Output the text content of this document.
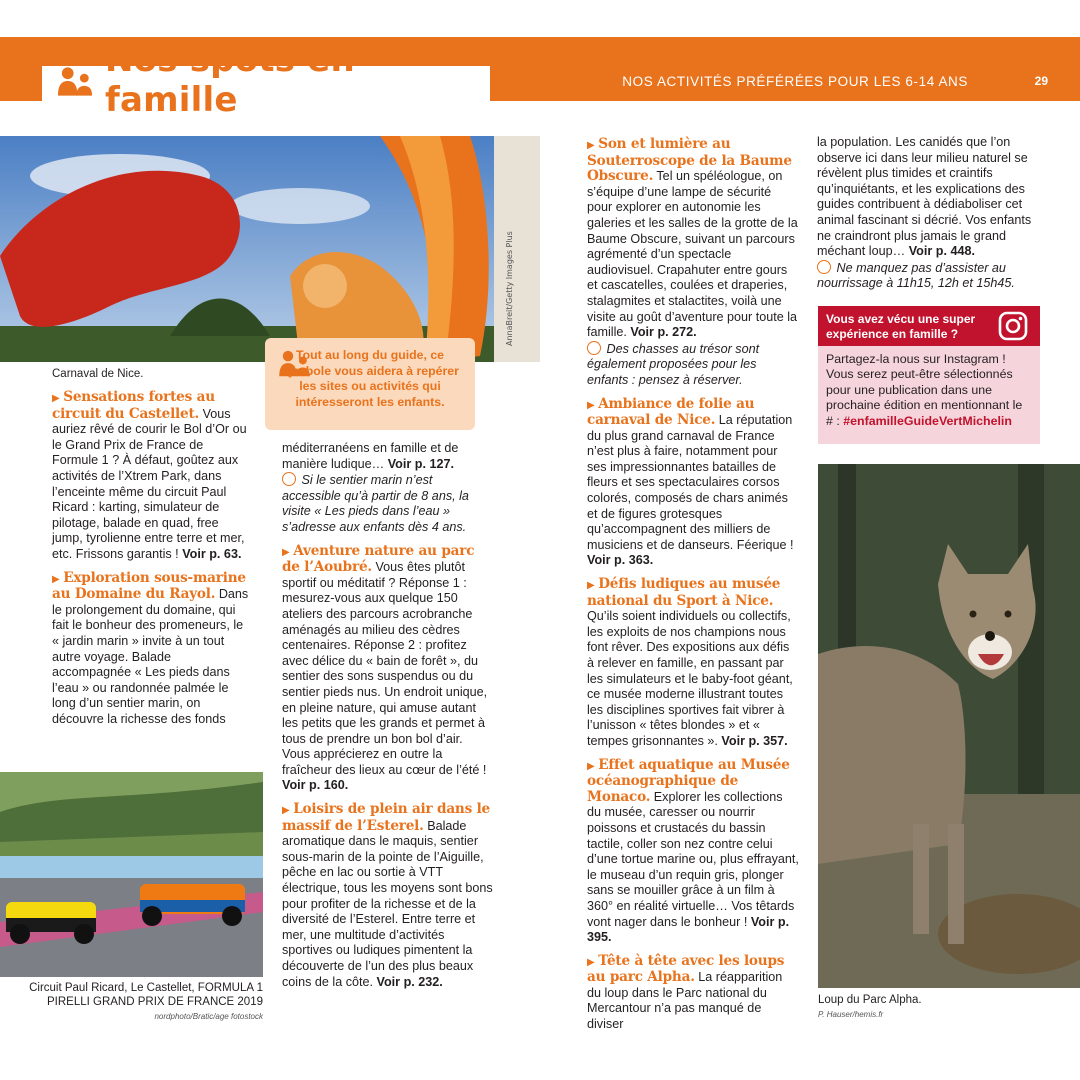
Nos spots en famille	NOS ACTIVITÉS PRÉFÉRÉES POUR LES 6-14 ANS	29
AnnaBreit/Getty Images Plus
Carnaval de Nice.
Tout au long du guide, ce symbole vous aidera à repérer les sites ou activités qui intéresseront les enfants.

▶ Sensations fortes au circuit du Castellet. Vous auriez rêvé de courir le Bol d’Or ou le Grand Prix de France de Formule 1 ? À défaut, goûtez aux activités de l’Xtrem Park, dans l’enceinte même du circuit Paul Ricard : karting, simulateur de pilotage, balade en quad, free jump, tyrolienne entre terre et mer, etc. Frissons garantis ! Voir p. 63.

▶ Exploration sous-marine au Domaine du Rayol. Dans le prolongement du domaine, qui fait le bonheur des promeneurs, le « jardin marin » invite à un tout autre voyage. Balade accompagnée « Les pieds dans l’eau » ou randonnée palmée le long d’un sentier marin, on découvre la richesse des fonds

Circuit Paul Ricard, Le Castellet, FORMULA 1 PIRELLI GRAND PRIX DE FRANCE 2019
nordphoto/Bratic/age fotostock

méditerranéens en famille et de manière ludique… Voir p. 127.
Si le sentier marin n’est accessible qu’à partir de 8 ans, la visite « Les pieds dans l’eau » s’adresse aux enfants dès 4 ans.

▶ Aventure nature au parc de l’Aoubré. Vous êtes plutôt sportif ou méditatif ? Réponse 1 : mesurez-vous aux quelque 150 ateliers des parcours acrobranche aménagés au milieu des cèdres centenaires. Réponse 2 : profitez avec délice du « bain de forêt », du sentier des sons suspendus ou du sentier pieds nus. Un endroit unique, en pleine nature, qui amuse autant les petits que les grands et permet à tous de prendre un bon bol d’air. Vous apprécierez en outre la fraîcheur des lieux au cœur de l’été ! Voir p. 160.

▶ Loisirs de plein air dans le massif de l’Esterel. Balade aromatique dans le maquis, sentier sous-marin de la pointe de l’Aiguille, pêche en lac ou sortie à VTT électrique, tous les moyens sont bons pour profiter de la richesse et de la diversité de l’Esterel. Entre terre et mer, une multitude d’activités sportives ou ludiques pimentent la découverte de l’un des plus beaux coins de la côte. Voir p. 232.

▶ Son et lumière au Souterroscope de la Baume Obscure. Tel un spéléologue, on s’équipe d’une lampe de sécurité pour explorer en autonomie les galeries et les salles de la grotte de la Baume Obscure, suivant un parcours agrémenté d’un spectacle audiovisuel. Crapahuter entre gours et cascatelles, coulées et draperies, stalagmites et stalactites, voilà une visite au goût d’aventure pour toute la famille. Voir p. 272.
Des chasses au trésor sont également proposées pour les enfants : pensez à réserver.

▶ Ambiance de folie au carnaval de Nice. La réputation du plus grand carnaval de France n’est plus à faire, notamment pour ses impressionnantes batailles de fleurs et ses spectaculaires corsos colorés, composés de chars animés et de figures grotesques qu’accompagnent des milliers de musiciens et de danseurs. Féerique ! Voir p. 363.

▶ Défis ludiques au musée national du Sport à Nice. Qu’ils soient individuels ou collectifs, les exploits de nos champions nous font rêver. Des expositions aux défis à relever en famille, en passant par les simulateurs et le baby-foot géant, ce musée moderne illustrant toutes les disciplines sportives fait vibrer à l’unisson « têtes blondes » et « tempes grisonnantes ». Voir p. 357.

▶ Effet aquatique au Musée océanographique de Monaco. Explorer les collections du musée, caresser ou nourrir poissons et crustacés du bassin tactile, coller son nez contre celui d’une tortue marine ou, plus effrayant, le museau d’un requin gris, plonger sans se mouiller grâce à un film à 360° en réalité virtuelle… Vos têtards vont nager dans le bonheur ! Voir p. 395.

▶ Tête à tête avec les loups au parc Alpha. La réapparition du loup dans le Parc national du Mercantour n’a pas manqué de diviser

la population. Les canidés que l’on observe ici dans leur milieu naturel se révèlent plus timides et craintifs qu’inquiétants, et les explications des guides contribuent à dédiaboliser cet animal fascinant si décrié. Vos enfants ne craindront plus jamais le grand méchant loup… Voir p. 448.
Ne manquez pas d’assister au nourrissage à 11h15, 12h et 15h45.

Vous avez vécu une super expérience en famille ?
Partagez-la nous sur Instagram ! Vous serez peut-être sélectionnés pour une publication dans une prochaine édition en mentionnant le # : #enfamilleGuideVertMichelin
Loup du Parc Alpha.
P. Hauser/hemis.fr
